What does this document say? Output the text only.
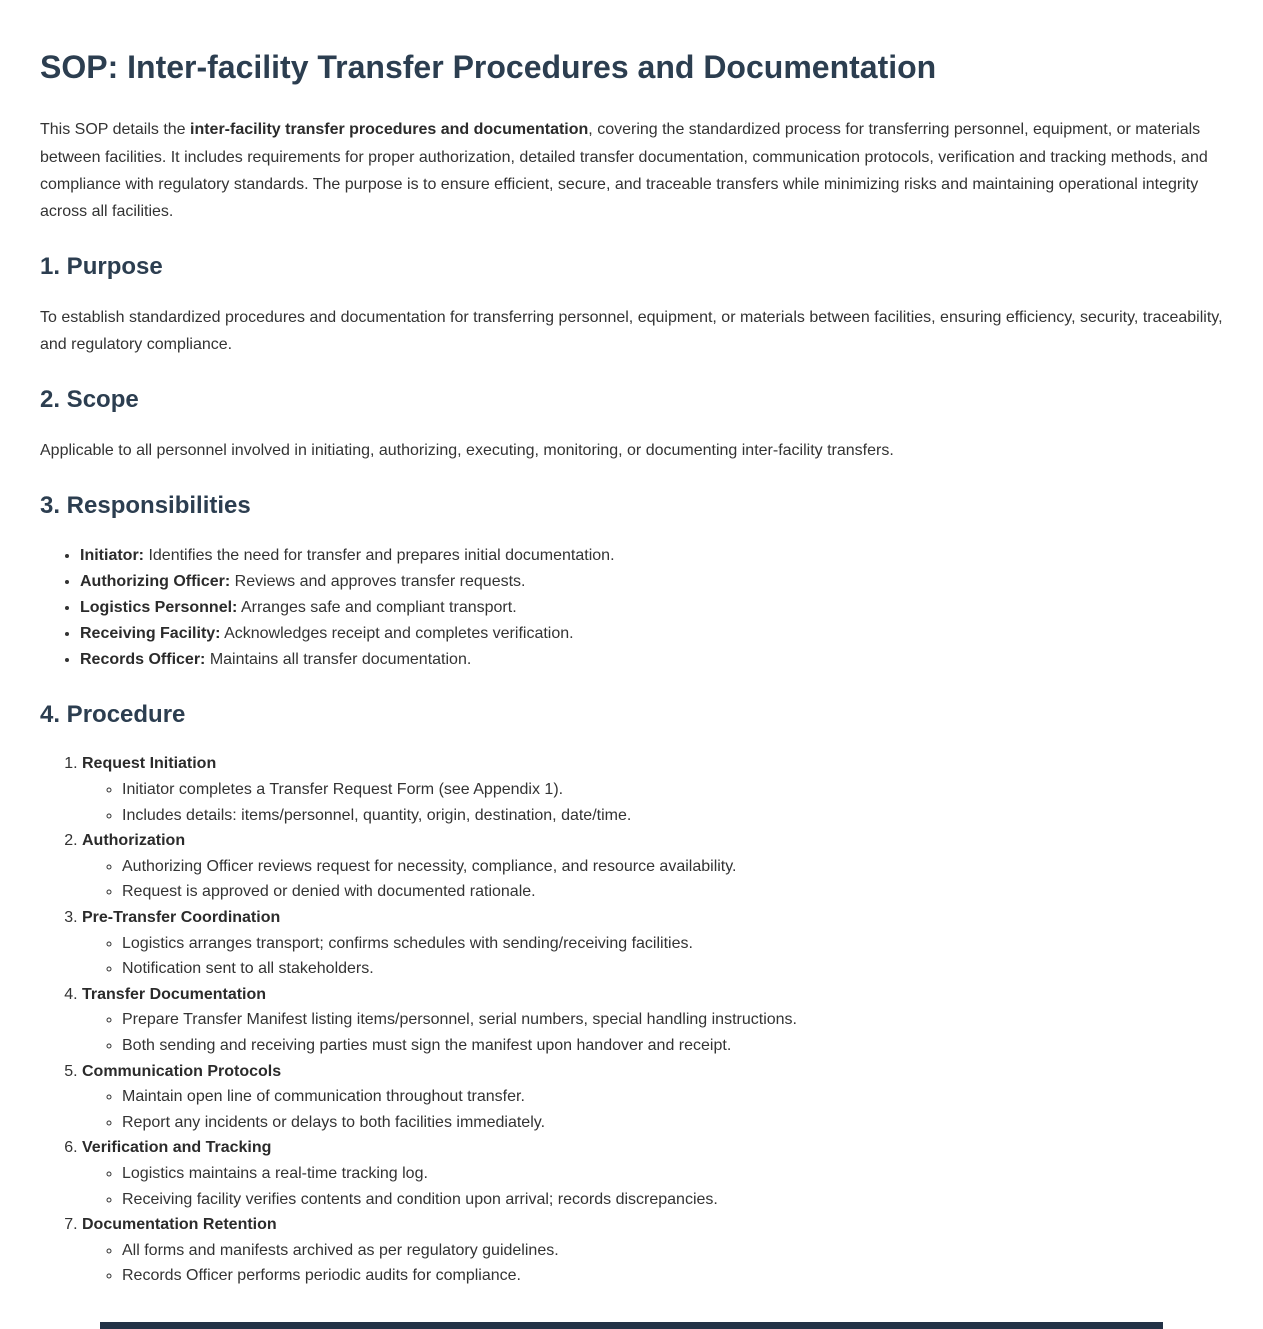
SOP: Inter-facility Transfer Procedures and Documentation

This SOP details the inter-facility transfer procedures and documentation, covering the standardized process for transferring personnel, equipment, or materials between facilities. It includes requirements for proper authorization, detailed transfer documentation, communication protocols, verification and tracking methods, and compliance with regulatory standards. The purpose is to ensure efficient, secure, and traceable transfers while minimizing risks and maintaining operational integrity across all facilities.

1. Purpose

To establish standardized procedures and documentation for transferring personnel, equipment, or materials between facilities, ensuring efficiency, security, traceability, and regulatory compliance.

2. Scope

Applicable to all personnel involved in initiating, authorizing, executing, monitoring, or documenting inter-facility transfers.

3. Responsibilities
• Initiator: Identifies the need for transfer and prepares initial documentation.
• Authorizing Officer: Reviews and approves transfer requests.
• Logistics Personnel: Arranges safe and compliant transport.
• Receiving Facility: Acknowledges receipt and completes verification.
• Records Officer: Maintains all transfer documentation.
4. Procedure
1. Request Initiation
◦ Initiator completes a Transfer Request Form (see Appendix 1).
◦ Includes details: items/personnel, quantity, origin, destination, date/time.
2. Authorization
◦ Authorizing Officer reviews request for necessity, compliance, and resource availability.
◦ Request is approved or denied with documented rationale.
3. Pre-Transfer Coordination
◦ Logistics arranges transport; confirms schedules with sending/receiving facilities.
◦ Notification sent to all stakeholders.
4. Transfer Documentation
◦ Prepare Transfer Manifest listing items/personnel, serial numbers, special handling instructions.
◦ Both sending and receiving parties must sign the manifest upon handover and receipt.
5. Communication Protocols
◦ Maintain open line of communication throughout transfer.
◦ Report any incidents or delays to both facilities immediately.
6. Verification and Tracking
◦ Logistics maintains a real-time tracking log.
◦ Receiving facility verifies contents and condition upon arrival; records discrepancies.
7. Documentation Retention
◦ All forms and manifests archived as per regulatory guidelines.
◦ Records Officer performs periodic audits for compliance.
